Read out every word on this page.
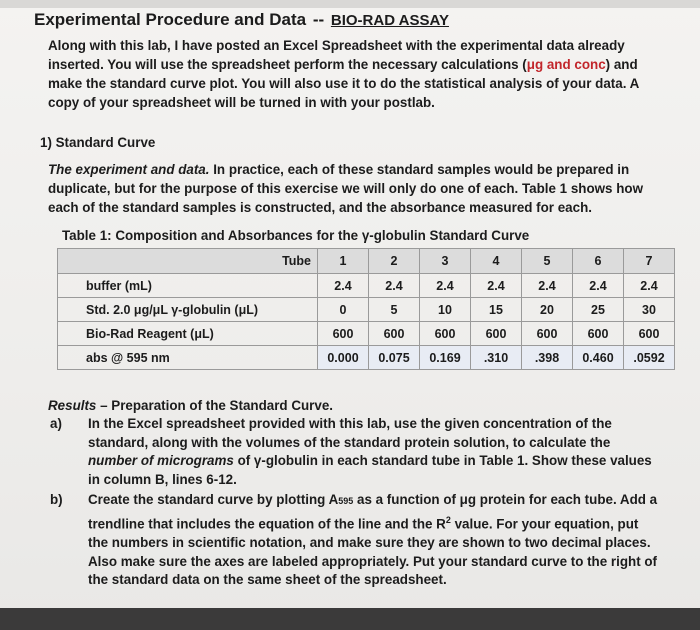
Experimental Procedure and Data -- BIO-RAD ASSAY
Along with this lab, I have posted an Excel Spreadsheet with the experimental data already inserted. You will use the spreadsheet perform the necessary calculations (μg and conc) and make the standard curve plot. You will also use it to do the statistical analysis of your data. A copy of your spreadsheet will be turned in with your postlab.
1) Standard Curve
The experiment and data. In practice, each of these standard samples would be prepared in duplicate, but for the purpose of this exercise we will only do one of each. Table 1 shows how each of the standard samples is constructed, and the absorbance measured for each.
Table 1: Composition and Absorbances for the γ-globulin Standard Curve
Tube	1	2	3	4	5	6	7
buffer (mL)	2.4	2.4	2.4	2.4	2.4	2.4	2.4
Std. 2.0 μg/μL γ-globulin (μL)	0	5	10	15	20	25	30
Bio-Rad Reagent (μL)	600	600	600	600	600	600	600
abs @ 595 nm	0.000	0.075	0.169	.310	.398	0.460	.0592
Results – Preparation of the Standard Curve.
a) In the Excel spreadsheet provided with this lab, use the given concentration of the standard, along with the volumes of the standard protein solution, to calculate the number of micrograms of γ-globulin in each standard tube in Table 1. Show these values in column B, lines 6-12.
b) Create the standard curve by plotting A595 as a function of μg protein for each tube. Add a trendline that includes the equation of the line and the $R^2$ value. For your equation, put the numbers in scientific notation, and make sure they are shown to two decimal places. Also make sure the axes are labeled appropriately. Put your standard curve to the right of the standard data on the same sheet of the spreadsheet.
